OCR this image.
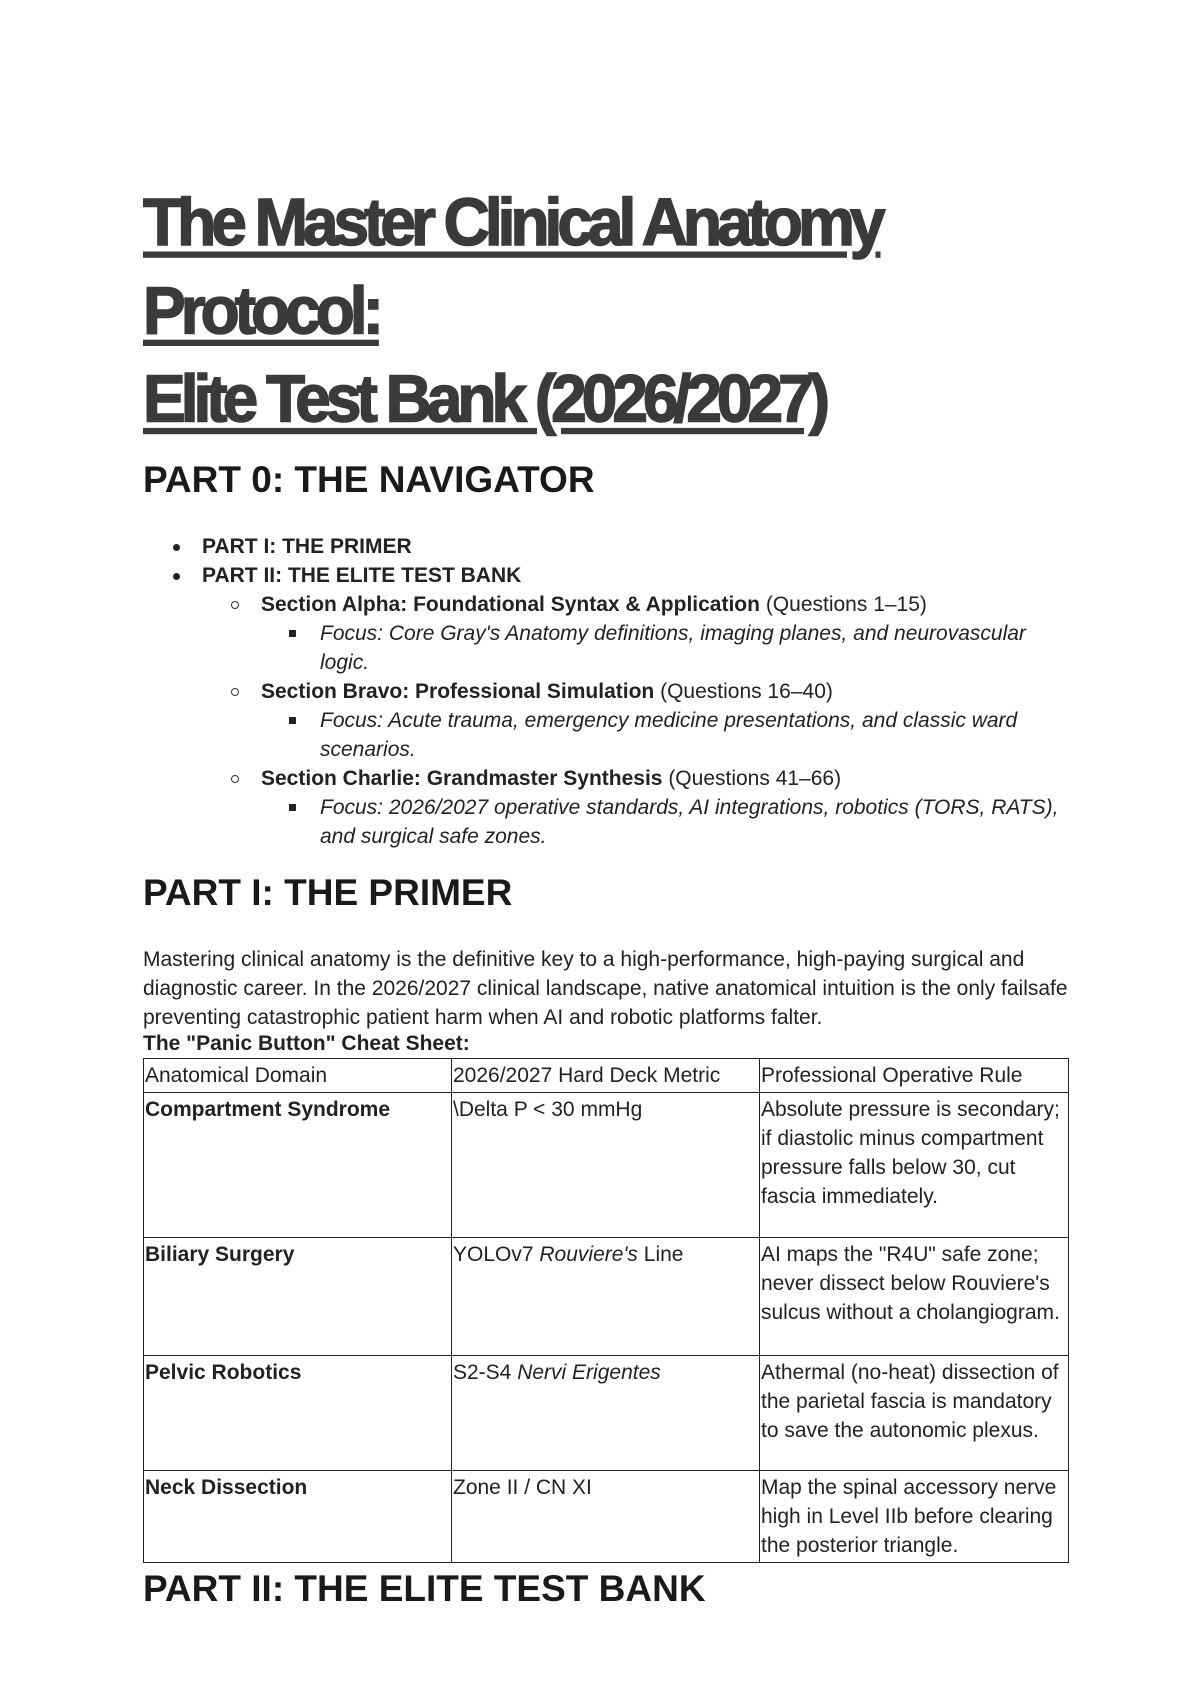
The Master Clinical Anatomy Protocol:
Elite Test Bank (2026/2027)
PART 0: THE NAVIGATOR
PART I: THE PRIMER
PART II: THE ELITE TEST BANK
Section Alpha: Foundational Syntax & Application (Questions 1–15)
Focus: Core Gray's Anatomy definitions, imaging planes, and neurovascular logic.
Section Bravo: Professional Simulation (Questions 16–40)
Focus: Acute trauma, emergency medicine presentations, and classic ward scenarios.
Section Charlie: Grandmaster Synthesis (Questions 41–66)
Focus: 2026/2027 operative standards, AI integrations, robotics (TORS, RATS), and surgical safe zones.
PART I: THE PRIMER

Mastering clinical anatomy is the definitive key to a high-performance, high-paying surgical and diagnostic career. In the 2026/2027 clinical landscape, native anatomical intuition is the only failsafe preventing catastrophic patient harm when AI and robotic platforms falter.

The "Panic Button" Cheat Sheet:

Anatomical Domain	2026/2027 Hard Deck Metric	Professional Operative Rule
Compartment Syndrome	\Delta P < 30 mmHg	Absolute pressure is secondary; if diastolic minus compartment pressure falls below 30, cut fascia immediately.
Biliary Surgery	YOLOv7 Rouviere's Line	AI maps the "R4U" safe zone; never dissect below Rouviere's sulcus without a cholangiogram.
Pelvic Robotics	S2-S4 Nervi Erigentes	Athermal (no-heat) dissection of the parietal fascia is mandatory to save the autonomic plexus.
Neck Dissection	Zone II / CN XI	Map the spinal accessory nerve high in Level IIb before clearing the posterior triangle.
PART II: THE ELITE TEST BANK
